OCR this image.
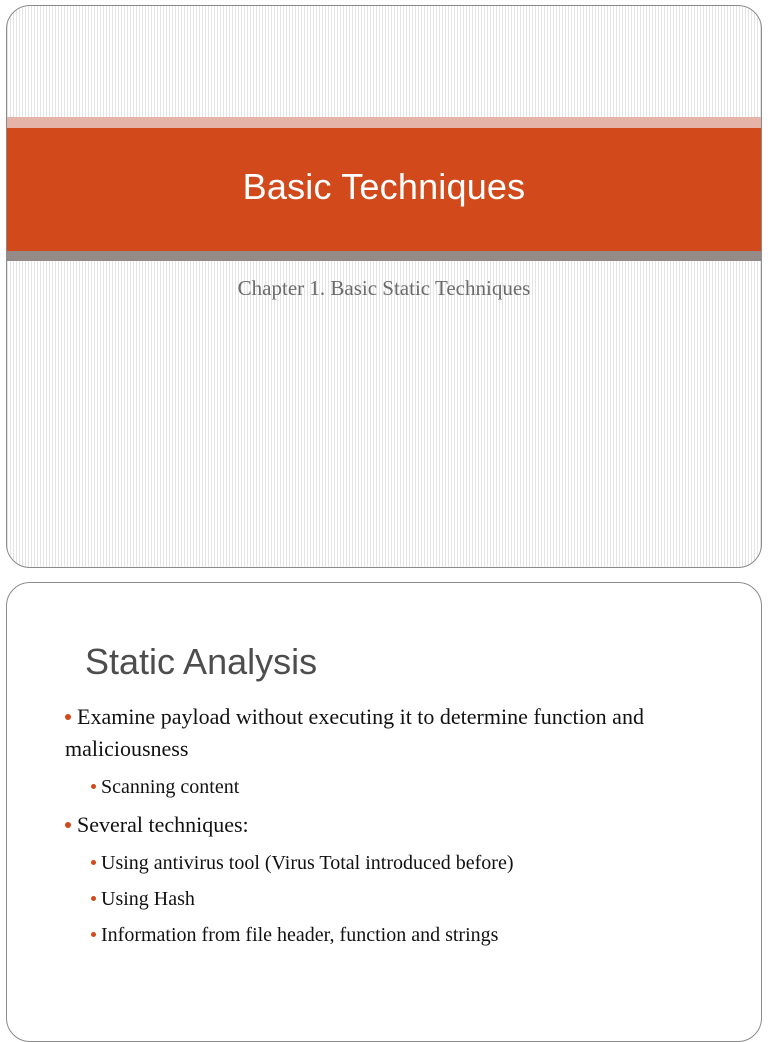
Basic Techniques
Chapter 1. Basic Static Techniques
Static Analysis
Examine payload without executing it to determine function and maliciousness
Scanning content
Several techniques:
Using antivirus tool (Virus Total introduced before)
Using Hash
Information from file header, function and strings
